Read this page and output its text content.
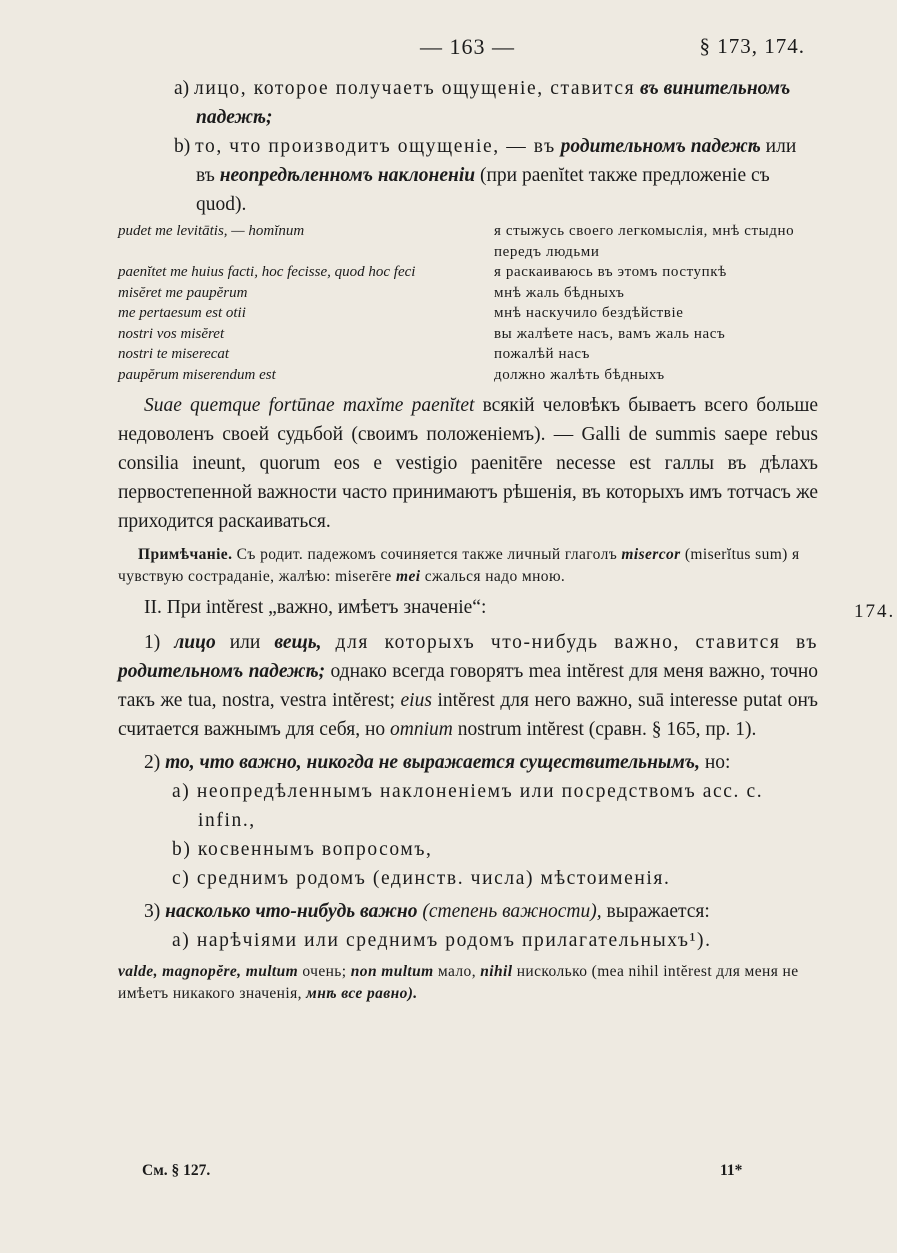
— 163 —	§ 173, 174.
a) лицо, которое получаетъ ощущеніе, ставится въ винительномъ падежѣ;
b) то, что производитъ ощущеніе, — въ родительномъ падежѣ или въ неопредѣленномъ наклоненіи (при paenĭtet также предложеніе съ quod).
pudet me levitātis, — homĭnum	я стыжусь своего легкомыслія, мнѣ стыдно передъ людьми
paenĭtet me huius facti, hoc fecisse, quod hoc feci	я раскаиваюсь въ этомъ поступкѣ
misĕret me paupĕrum	мнѣ жаль бѣдныхъ
me pertaesum est otii	мнѣ наскучило бездѣйствіе
nostri vos misĕret	вы жалѣете насъ, вамъ жаль насъ
nostri te miserecat	пожалѣй насъ
paupĕrum miserendum est	должно жалѣть бѣдныхъ

Suae quemque fortūnae maxĭme paenĭtet всякій человѣкъ бываетъ всего больше недоволенъ своей судьбой (своимъ положеніемъ). — Galli de summis saepe rebus consilia ineunt, quorum eos e vestigio paenitēre necesse est галлы въ дѣлахъ первостепенной важности часто принимаютъ рѣшенія, въ которыхъ имъ тотчасъ же приходится раскаиваться.

Примѣчаніе. Съ родит. падежомъ сочиняется также личный глаголъ misercor (miserĭtus sum) я чувствую состраданіе, жалѣю: miserēre mei сжалься надо мною.

II. При intĕrest „важно, имѣетъ значеніе“:	174.

1) лицо или вещь, для которыхъ что-нибудь важно, ставится въ родительномъ падежѣ; однако всегда говорятъ mea intĕrest для меня важно, точно такъ же tua, nostra, vestra intĕrest; eius intĕrest для него важно, suā interesse putat онъ считается важнымъ для себя, но omnium nostrum intĕrest (сравн. § 165, пр. 1).

2) то, что важно, никогда не выражается существительнымъ, но:

a) неопредѣленнымъ наклоненіемъ или посредствомъ acc. c. infin.,

b) косвеннымъ вопросомъ,

c) среднимъ родомъ (единств. числа) мѣстоименія.

3) насколько что-нибудь важно (степень важности), выражается:

a) нарѣчіями или среднимъ родомъ прилагательныхъ¹).

valde, magnopĕre, multum очень; non multum мало, nihil нисколько (mea nihil intĕrest для меня не имѣетъ никакого значенія, мнѣ все равно).

См. § 127.	11*
